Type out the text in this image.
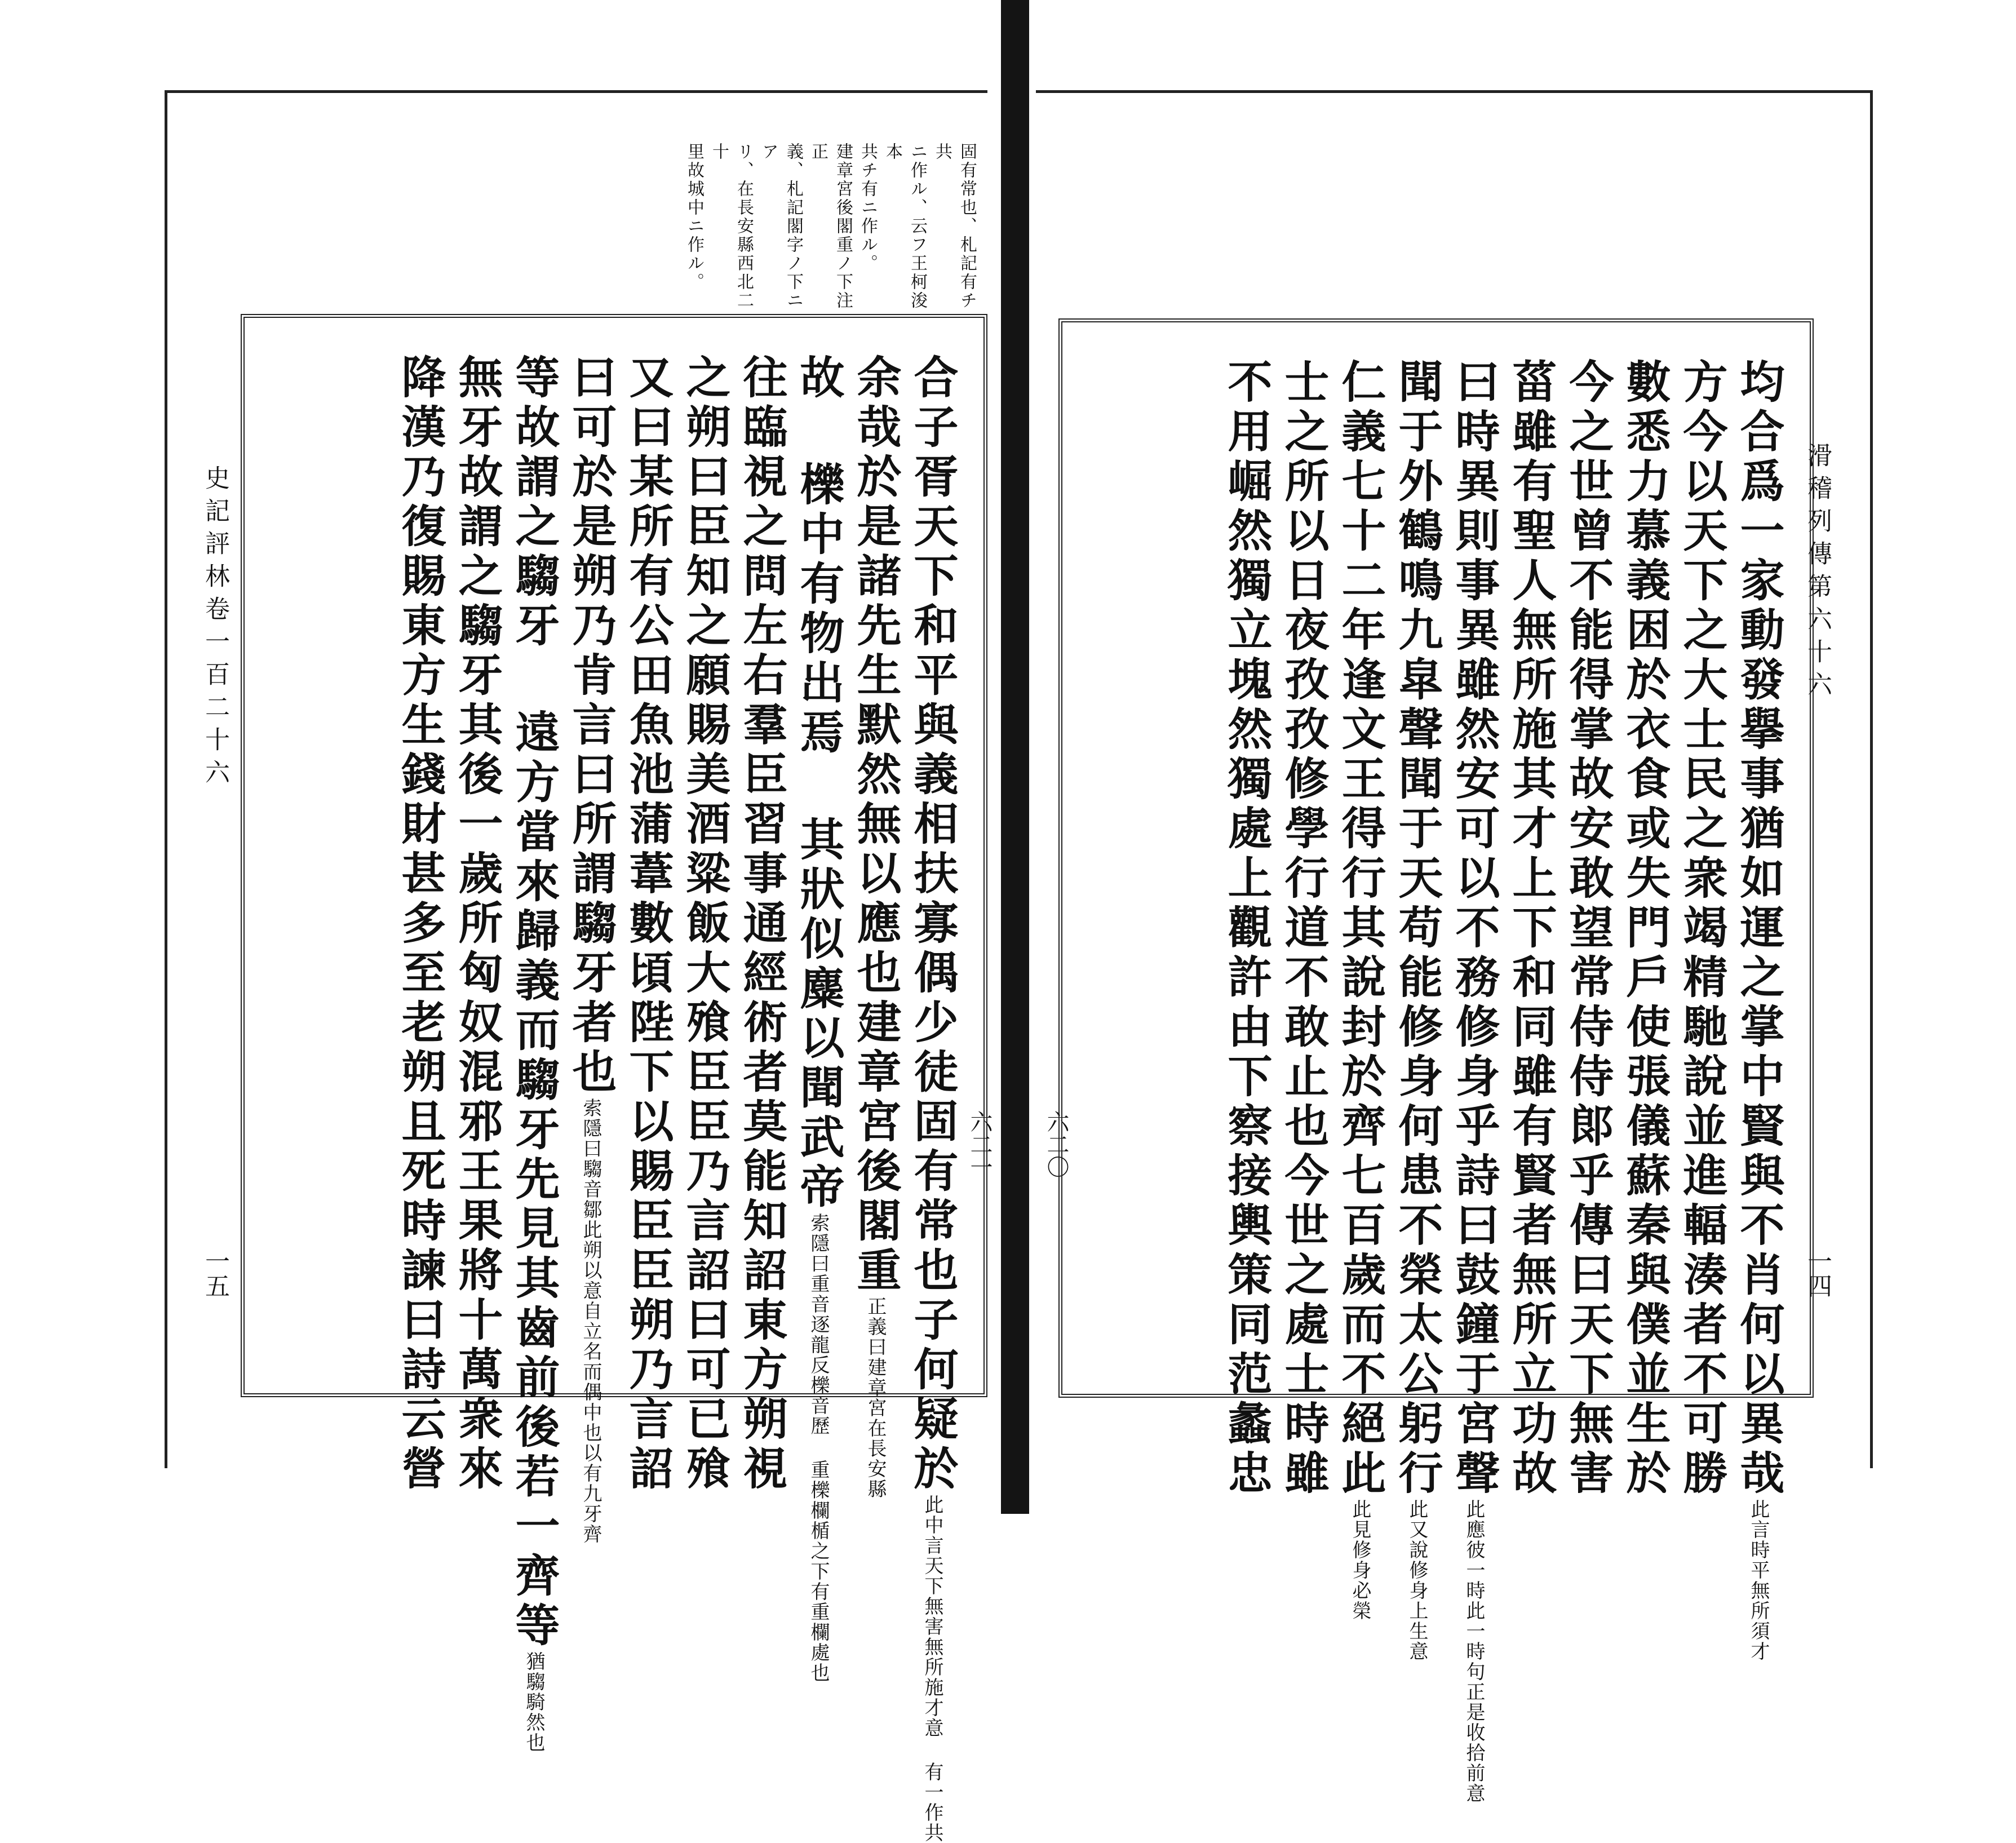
固有常也、札記有チ共
ニ作ル、云フ王柯浚本
共チ有ニ作ル。
建章宮後閣重ノ下注正
義、札記閣字ノ下ニア
リ、在長安縣西北二十
里故城中ニ作ル。
史記評林卷一百二十六
一五	合子胥天下和平與義相扶寡偶少徒固有常也子何疑於此中言天下無害無所施才意 有一作共
余哉於是諸先生默然無以應也建章宮後閣重正義曰建章宮在長安縣
故 櫟中有物出焉 其狀似麋以聞武帝索隱曰重音逐龍反櫟音歷 重櫟欄楯之下有重欄處也
往臨視之問左右羣臣習事通經術者莫能知詔東方朔視
之朔曰臣知之願賜美酒粱飯大飱臣臣乃言詔曰可已飱
又曰某所有公田魚池蒲葦數頃陛下以賜臣臣朔乃言詔
曰可於是朔乃肯言曰所謂騶牙者也索隱曰騶音鄒此朔以意自立名而偶中也以有九牙齊
等故謂之騶牙 遠方當來歸義而騶牙先見其齒前後若一齊等猶騶騎然也
無牙故謂之騶牙其後一歲所匈奴混邪王果將十萬衆來
降漢乃復賜東方生錢財甚多至老朔且死時諫曰詩云營	六二一 六二〇
滑稽列傳第六十六
一四
均合爲一家動發擧事猶如運之掌中賢與不肖何以異哉此言時平無所須才
方今以天下之大士民之衆竭精馳說並進輻湊者不可勝
數悉力慕義困於衣食或失門戶使張儀蘇秦與僕並生於
今之世曾不能得掌故安敢望常侍侍郞乎傳曰天下無害
菑雖有聖人無所施其才上下和同雖有賢者無所立功故
曰時異則事異雖然安可以不務修身乎詩曰鼓鐘于宮聲此應彼一時此一時句正是收拾前意
聞于外鶴鳴九皐聲聞于天苟能修身何患不榮太公躬行此又說修身上生意
仁義七十二年逢文王得行其說封於齊七百歲而不絕此此見修身必榮
士之所以日夜孜孜修學行道不敢止也今世之處士時雖
不用崛然獨立塊然獨處上觀許由下察接輿策同范蠡忠
